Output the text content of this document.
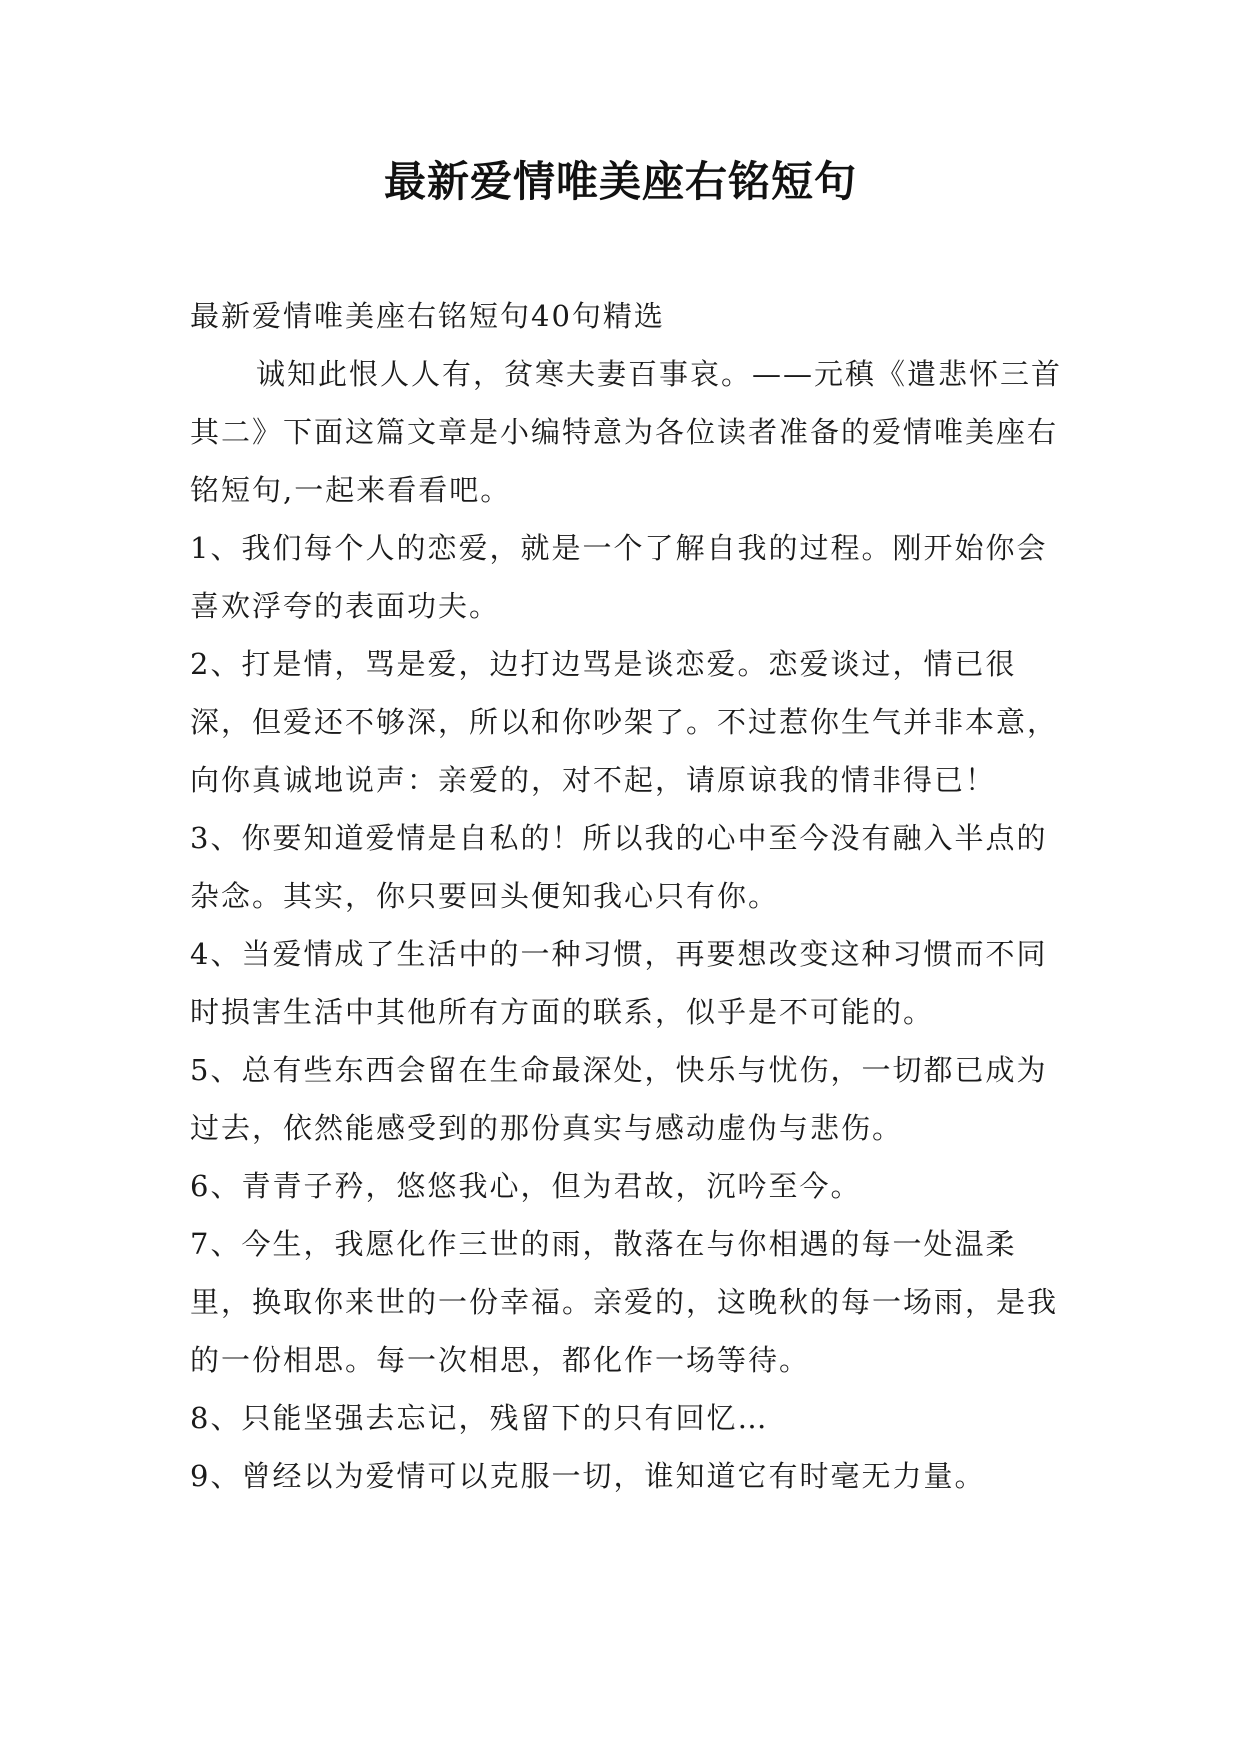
最新爱情唯美座右铭短句

最新爱情唯美座右铭短句40句精选

诚知此恨人人有，贫寒夫妻百事哀。——元稹《遣悲怀三首其二》下面这篇文章是小编特意为各位读者准备的爱情唯美座右铭短句,一起来看看吧。

1、我们每个人的恋爱，就是一个了解自我的过程。刚开始你会喜欢浮夸的表面功夫。

2、打是情，骂是爱，边打边骂是谈恋爱。恋爱谈过，情已很深，但爱还不够深，所以和你吵架了。不过惹你生气并非本意，向你真诚地说声：亲爱的，对不起，请原谅我的情非得已！

3、你要知道爱情是自私的！所以我的心中至今没有融入半点的杂念。其实，你只要回头便知我心只有你。

4、当爱情成了生活中的一种习惯，再要想改变这种习惯而不同时损害生活中其他所有方面的联系，似乎是不可能的。

5、总有些东西会留在生命最深处，快乐与忧伤，一切都已成为过去，依然能感受到的那份真实与感动虚伪与悲伤。

6、青青子矜，悠悠我心，但为君故，沉吟至今。

7、今生，我愿化作三世的雨，散落在与你相遇的每一处温柔里，换取你来世的一份幸福。亲爱的，这晚秋的每一场雨，是我的一份相思。每一次相思，都化作一场等待。

8、只能坚强去忘记，残留下的只有回忆…

9、曾经以为爱情可以克服一切，谁知道它有时毫无力量。
